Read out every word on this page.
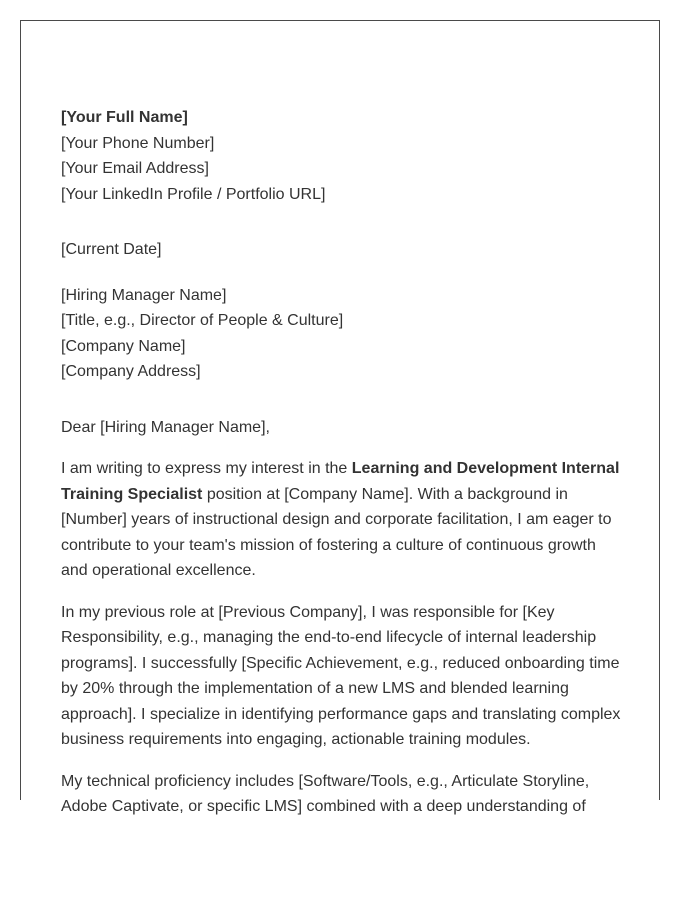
[Your Full Name]
[Your Phone Number]
[Your Email Address]
[Your LinkedIn Profile / Portfolio URL]
[Current Date]
[Hiring Manager Name]
[Title, e.g., Director of People & Culture]
[Company Name]
[Company Address]
Dear [Hiring Manager Name],

I am writing to express my interest in the Learning and Development Internal Training Specialist position at [Company Name]. With a background in [Number] years of instructional design and corporate facilitation, I am eager to contribute to your team's mission of fostering a culture of continuous growth and operational excellence.

In my previous role at [Previous Company], I was responsible for [Key Responsibility, e.g., managing the end-to-end lifecycle of internal leadership programs]. I successfully [Specific Achievement, e.g., reduced onboarding time by 20% through the implementation of a new LMS and blended learning approach]. I specialize in identifying performance gaps and translating complex business requirements into engaging, actionable training modules.

My technical proficiency includes [Software/Tools, e.g., Articulate Storyline, Adobe Captivate, or specific LMS] combined with a deep understanding of
